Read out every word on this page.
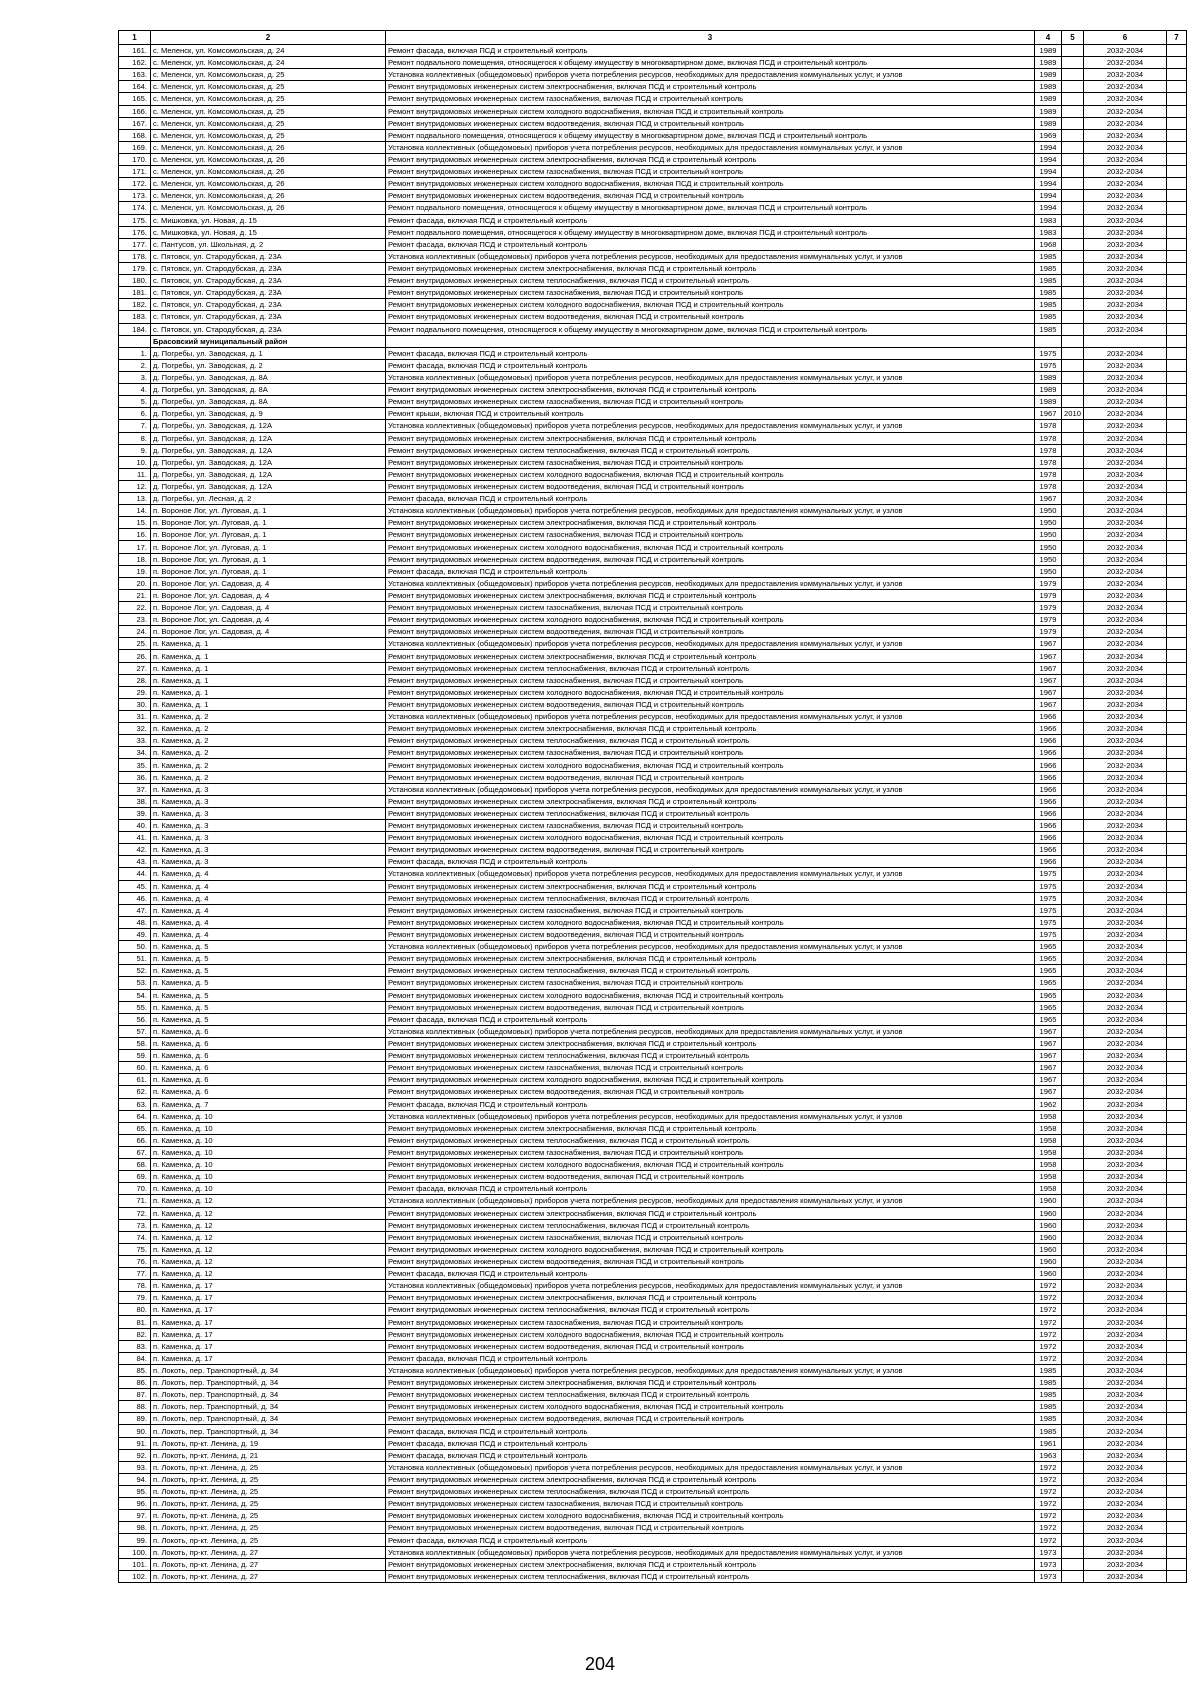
1	2	3	4	5	6	7
161.	с. Меленск, ул. Комсомольская, д. 24	Ремонт фасада, включая ПСД и строительный контроль	1989		2032-2034	
162.	с. Меленск, ул. Комсомольская, д. 24	Ремонт подвального помещения, относящегося к общему имуществу в многоквартирном доме, включая ПСД и строительный контроль	1989		2032-2034	
163.	с. Меленск, ул. Комсомольская, д. 25	Установка коллективных (общедомовых) приборов учета потребления ресурсов, необходимых для предоставления коммунальных услуг, и узлов	1989		2032-2034	
164.	с. Меленск, ул. Комсомольская, д. 25	Ремонт внутридомовых инженерных систем электроснабжения, включая ПСД и строительный контроль	1989		2032-2034	
165.	с. Меленск, ул. Комсомольская, д. 25	Ремонт внутридомовых инженерных систем газоснабжения, включая ПСД и строительный контроль	1989		2032-2034	
166.	с. Меленск, ул. Комсомольская, д. 25	Ремонт внутридомовых инженерных систем холодного водоснабжения, включая ПСД и строительный контроль	1989		2032-2034	
167.	с. Меленск, ул. Комсомольская, д. 25	Ремонт внутридомовых инженерных систем водоотведения, включая ПСД и строительный контроль	1989		2032-2034	
168.	с. Меленск, ул. Комсомольская, д. 25	Ремонт подвального помещения, относящегося к общему имуществу в многоквартирном доме, включая ПСД и строительный контроль	1969		2032-2034	
169.	с. Меленск, ул. Комсомольская, д. 26	Установка коллективных (общедомовых) приборов учета потребления ресурсов, необходимых для предоставления коммунальных услуг, и узлов	1994		2032-2034	
170.	с. Меленск, ул. Комсомольская, д. 26	Ремонт внутридомовых инженерных систем электроснабжения, включая ПСД и строительный контроль	1994		2032-2034	
171.	с. Меленск, ул. Комсомольская, д. 26	Ремонт внутридомовых инженерных систем газоснабжения, включая ПСД и строительный контроль	1994		2032-2034	
172.	с. Меленск, ул. Комсомольская, д. 26	Ремонт внутридомовых инженерных систем холодного водоснабжения, включая ПСД и строительный контроль	1994		2032-2034	
173.	с. Меленск, ул. Комсомольская, д. 26	Ремонт внутридомовых инженерных систем водоотведения, включая ПСД и строительный контроль	1994		2032-2034	
174.	с. Меленск, ул. Комсомольская, д. 26	Ремонт подвального помещения, относящегося к общему имуществу в многоквартирном доме, включая ПСД и строительный контроль	1994		2032-2034	
175.	с. Мишковка, ул. Новая, д. 15	Ремонт фасада, включая ПСД и строительный контроль	1983		2032-2034	
176.	с. Мишковка, ул. Новая, д. 15	Ремонт подвального помещения, относящегося к общему имуществу в многоквартирном доме, включая ПСД и строительный контроль	1983		2032-2034	
177.	с. Пантусов, ул. Школьная, д. 2	Ремонт фасада, включая ПСД и строительный контроль	1968		2032-2034	
178.	с. Пятовск, ул. Стародубская, д. 23А	Установка коллективных (общедомовых) приборов учета потребления ресурсов, необходимых для предоставления коммунальных услуг, и узлов	1985		2032-2034	
179.	с. Пятовск, ул. Стародубская, д. 23А	Ремонт внутридомовых инженерных систем электроснабжения, включая ПСД и строительный контроль	1985		2032-2034	
180.	с. Пятовск, ул. Стародубская, д. 23А	Ремонт внутридомовых инженерных систем теплоснабжения, включая ПСД и строительный контроль	1985		2032-2034	
181.	с. Пятовск, ул. Стародубская, д. 23А	Ремонт внутридомовых инженерных систем газоснабжения, включая ПСД и строительный контроль	1985		2032-2034	
182.	с. Пятовск, ул. Стародубская, д. 23А	Ремонт внутридомовых инженерных систем холодного водоснабжения, включая ПСД и строительный контроль	1985		2032-2034	
183.	с. Пятовск, ул. Стародубская, д. 23А	Ремонт внутридомовых инженерных систем водоотведения, включая ПСД и строительный контроль	1985		2032-2034	
184.	с. Пятовск, ул. Стародубская, д. 23А	Ремонт подвального помещения, относящегося к общему имуществу в многоквартирном доме, включая ПСД и строительный контроль	1985		2032-2034	
	Брасовский муниципальный район					
1.	д. Погребы, ул. Заводская, д. 1	Ремонт фасада, включая ПСД и строительный контроль	1975		2032-2034	
2.	д. Погребы, ул. Заводская, д. 2	Ремонт фасада, включая ПСД и строительный контроль	1975		2032-2034	
3.	д. Погребы, ул. Заводская, д. 8А	Установка коллективных (общедомовых) приборов учета потребления ресурсов, необходимых для предоставления коммунальных услуг, и узлов	1989		2032-2034	
4.	д. Погребы, ул. Заводская, д. 8А	Ремонт внутридомовых инженерных систем электроснабжения, включая ПСД и строительный контроль	1989		2032-2034	
5.	д. Погребы, ул. Заводская, д. 8А	Ремонт внутридомовых инженерных систем газоснабжения, включая ПСД и строительный контроль	1989		2032-2034	
6.	д. Погребы, ул. Заводская, д. 9	Ремонт крыши, включая ПСД и строительный контроль	1967	2010	2032-2034	
7.	д. Погребы, ул. Заводская, д. 12А	Установка коллективных (общедомовых) приборов учета потребления ресурсов, необходимых для предоставления коммунальных услуг, и узлов	1978		2032-2034	
8.	д. Погребы, ул. Заводская, д. 12А	Ремонт внутридомовых инженерных систем электроснабжения, включая ПСД и строительный контроль	1978		2032-2034	
9.	д. Погребы, ул. Заводская, д. 12А	Ремонт внутридомовых инженерных систем теплоснабжения, включая ПСД и строительный контроль	1978		2032-2034	
10.	д. Погребы, ул. Заводская, д. 12А	Ремонт внутридомовых инженерных систем газоснабжения, включая ПСД и строительный контроль	1978		2032-2034	
11.	д. Погребы, ул. Заводская, д. 12А	Ремонт внутридомовых инженерных систем холодного водоснабжения, включая ПСД и строительный контроль	1978		2032-2034	
12.	д. Погребы, ул. Заводская, д. 12А	Ремонт внутридомовых инженерных систем водоотведения, включая ПСД и строительный контроль	1978		2032-2034	
13.	д. Погребы, ул. Лесная, д. 2	Ремонт фасада, включая ПСД и строительный контроль	1967		2032-2034	
14.	п. Вороное Лог, ул. Луговая, д. 1	Установка коллективных (общедомовых) приборов учета потребления ресурсов, необходимых для предоставления коммунальных услуг, и узлов	1950		2032-2034	
15.	п. Вороное Лог, ул. Луговая, д. 1	Ремонт внутридомовых инженерных систем электроснабжения, включая ПСД и строительный контроль	1950		2032-2034	
16.	п. Вороное Лог, ул. Луговая, д. 1	Ремонт внутридомовых инженерных систем газоснабжения, включая ПСД и строительный контроль	1950		2032-2034	
17.	п. Вороное Лог, ул. Луговая, д. 1	Ремонт внутридомовых инженерных систем холодного водоснабжения, включая ПСД и строительный контроль	1950		2032-2034	
18.	п. Вороное Лог, ул. Луговая, д. 1	Ремонт внутридомовых инженерных систем водоотведения, включая ПСД и строительный контроль	1950		2032-2034	
19.	п. Вороное Лог, ул. Луговая, д. 1	Ремонт фасада, включая ПСД и строительный контроль	1950		2032-2034	
20.	п. Вороное Лог, ул. Садовая, д. 4	Установка коллективных (общедомовых) приборов учета потребления ресурсов, необходимых для предоставления коммунальных услуг, и узлов	1979		2032-2034	
21.	п. Вороное Лог, ул. Садовая, д. 4	Ремонт внутридомовых инженерных систем электроснабжения, включая ПСД и строительный контроль	1979		2032-2034	
22.	п. Вороное Лог, ул. Садовая, д. 4	Ремонт внутридомовых инженерных систем газоснабжения, включая ПСД и строительный контроль	1979		2032-2034	
23.	п. Вороное Лог, ул. Садовая, д. 4	Ремонт внутридомовых инженерных систем холодного водоснабжения, включая ПСД и строительный контроль	1979		2032-2034	
24.	п. Вороное Лог, ул. Садовая, д. 4	Ремонт внутридомовых инженерных систем водоотведения, включая ПСД и строительный контроль	1979		2032-2034	
25.	п. Каменка, д. 1	Установка коллективных (общедомовых) приборов учета потребления ресурсов, необходимых для предоставления коммунальных услуг, и узлов	1967		2032-2034	
26.	п. Каменка, д. 1	Ремонт внутридомовых инженерных систем электроснабжения, включая ПСД и строительный контроль	1967		2032-2034	
27.	п. Каменка, д. 1	Ремонт внутридомовых инженерных систем теплоснабжения, включая ПСД и строительный контроль	1967		2032-2034	
28.	п. Каменка, д. 1	Ремонт внутридомовых инженерных систем газоснабжения, включая ПСД и строительный контроль	1967		2032-2034	
29.	п. Каменка, д. 1	Ремонт внутридомовых инженерных систем холодного водоснабжения, включая ПСД и строительный контроль	1967		2032-2034	
30.	п. Каменка, д. 1	Ремонт внутридомовых инженерных систем водоотведения, включая ПСД и строительный контроль	1967		2032-2034	
31.	п. Каменка, д. 2	Установка коллективных (общедомовых) приборов учета потребления ресурсов, необходимых для предоставления коммунальных услуг, и узлов	1966		2032-2034	
32.	п. Каменка, д. 2	Ремонт внутридомовых инженерных систем электроснабжения, включая ПСД и строительный контроль	1966		2032-2034	
33.	п. Каменка, д. 2	Ремонт внутридомовых инженерных систем теплоснабжения, включая ПСД и строительный контроль	1966		2032-2034	
34.	п. Каменка, д. 2	Ремонт внутридомовых инженерных систем газоснабжения, включая ПСД и строительный контроль	1966		2032-2034	
35.	п. Каменка, д. 2	Ремонт внутридомовых инженерных систем холодного водоснабжения, включая ПСД и строительный контроль	1966		2032-2034	
36.	п. Каменка, д. 2	Ремонт внутридомовых инженерных систем водоотведения, включая ПСД и строительный контроль	1966		2032-2034	
37.	п. Каменка, д. 3	Установка коллективных (общедомовых) приборов учета потребления ресурсов, необходимых для предоставления коммунальных услуг, и узлов	1966		2032-2034	
38.	п. Каменка, д. 3	Ремонт внутридомовых инженерных систем электроснабжения, включая ПСД и строительный контроль	1966		2032-2034	
39.	п. Каменка, д. 3	Ремонт внутридомовых инженерных систем теплоснабжения, включая ПСД и строительный контроль	1966		2032-2034	
40.	п. Каменка, д. 3	Ремонт внутридомовых инженерных систем газоснабжения, включая ПСД и строительный контроль	1966		2032-2034	
41.	п. Каменка, д. 3	Ремонт внутридомовых инженерных систем холодного водоснабжения, включая ПСД и строительный контроль	1966		2032-2034	
42.	п. Каменка, д. 3	Ремонт внутридомовых инженерных систем водоотведения, включая ПСД и строительный контроль	1966		2032-2034	
43.	п. Каменка, д. 3	Ремонт фасада, включая ПСД и строительный контроль	1966		2032-2034	
44.	п. Каменка, д. 4	Установка коллективных (общедомовых) приборов учета потребления ресурсов, необходимых для предоставления коммунальных услуг, и узлов	1975		2032-2034	
45.	п. Каменка, д. 4	Ремонт внутридомовых инженерных систем электроснабжения, включая ПСД и строительный контроль	1975		2032-2034	
46.	п. Каменка, д. 4	Ремонт внутридомовых инженерных систем теплоснабжения, включая ПСД и строительный контроль	1975		2032-2034	
47.	п. Каменка, д. 4	Ремонт внутридомовых инженерных систем газоснабжения, включая ПСД и строительный контроль	1975		2032-2034	
48.	п. Каменка, д. 4	Ремонт внутридомовых инженерных систем холодного водоснабжения, включая ПСД и строительный контроль	1975		2032-2034	
49.	п. Каменка, д. 4	Ремонт внутридомовых инженерных систем водоотведения, включая ПСД и строительный контроль	1975		2032-2034	
50.	п. Каменка, д. 5	Установка коллективных (общедомовых) приборов учета потребления ресурсов, необходимых для предоставления коммунальных услуг, и узлов	1965		2032-2034	
51.	п. Каменка, д. 5	Ремонт внутридомовых инженерных систем электроснабжения, включая ПСД и строительный контроль	1965		2032-2034	
52.	п. Каменка, д. 5	Ремонт внутридомовых инженерных систем теплоснабжения, включая ПСД и строительный контроль	1965		2032-2034	
53.	п. Каменка, д. 5	Ремонт внутридомовых инженерных систем газоснабжения, включая ПСД и строительный контроль	1965		2032-2034	
54.	п. Каменка, д. 5	Ремонт внутридомовых инженерных систем холодного водоснабжения, включая ПСД и строительный контроль	1965		2032-2034	
55.	п. Каменка, д. 5	Ремонт внутридомовых инженерных систем водоотведения, включая ПСД и строительный контроль	1965		2032-2034	
56.	п. Каменка, д. 5	Ремонт фасада, включая ПСД и строительный контроль	1965		2032-2034	
57.	п. Каменка, д. 6	Установка коллективных (общедомовых) приборов учета потребления ресурсов, необходимых для предоставления коммунальных услуг, и узлов	1967		2032-2034	
58.	п. Каменка, д. 6	Ремонт внутридомовых инженерных систем электроснабжения, включая ПСД и строительный контроль	1967		2032-2034	
59.	п. Каменка, д. 6	Ремонт внутридомовых инженерных систем теплоснабжения, включая ПСД и строительный контроль	1967		2032-2034	
60.	п. Каменка, д. 6	Ремонт внутридомовых инженерных систем газоснабжения, включая ПСД и строительный контроль	1967		2032-2034	
61.	п. Каменка, д. 6	Ремонт внутридомовых инженерных систем холодного водоснабжения, включая ПСД и строительный контроль	1967		2032-2034	
62.	п. Каменка, д. 6	Ремонт внутридомовых инженерных систем водоотведения, включая ПСД и строительный контроль	1967		2032-2034	
63.	п. Каменка, д. 7	Ремонт фасада, включая ПСД и строительный контроль	1962		2032-2034	
64.	п. Каменка, д. 10	Установка коллективных (общедомовых) приборов учета потребления ресурсов, необходимых для предоставления коммунальных услуг, и узлов	1958		2032-2034	
65.	п. Каменка, д. 10	Ремонт внутридомовых инженерных систем электроснабжения, включая ПСД и строительный контроль	1958		2032-2034	
66.	п. Каменка, д. 10	Ремонт внутридомовых инженерных систем теплоснабжения, включая ПСД и строительный контроль	1958		2032-2034	
67.	п. Каменка, д. 10	Ремонт внутридомовых инженерных систем газоснабжения, включая ПСД и строительный контроль	1958		2032-2034	
68.	п. Каменка, д. 10	Ремонт внутридомовых инженерных систем холодного водоснабжения, включая ПСД и строительный контроль	1958		2032-2034	
69.	п. Каменка, д. 10	Ремонт внутридомовых инженерных систем водоотведения, включая ПСД и строительный контроль	1958		2032-2034	
70.	п. Каменка, д. 10	Ремонт фасада, включая ПСД и строительный контроль	1958		2032-2034	
71.	п. Каменка, д. 12	Установка коллективных (общедомовых) приборов учета потребления ресурсов, необходимых для предоставления коммунальных услуг, и узлов	1960		2032-2034	
72.	п. Каменка, д. 12	Ремонт внутридомовых инженерных систем электроснабжения, включая ПСД и строительный контроль	1960		2032-2034	
73.	п. Каменка, д. 12	Ремонт внутридомовых инженерных систем теплоснабжения, включая ПСД и строительный контроль	1960		2032-2034	
74.	п. Каменка, д. 12	Ремонт внутридомовых инженерных систем газоснабжения, включая ПСД и строительный контроль	1960		2032-2034	
75.	п. Каменка, д. 12	Ремонт внутридомовых инженерных систем холодного водоснабжения, включая ПСД и строительный контроль	1960		2032-2034	
76.	п. Каменка, д. 12	Ремонт внутридомовых инженерных систем водоотведения, включая ПСД и строительный контроль	1960		2032-2034	
77.	п. Каменка, д. 12	Ремонт фасада, включая ПСД и строительный контроль	1960		2032-2034	
78.	п. Каменка, д. 17	Установка коллективных (общедомовых) приборов учета потребления ресурсов, необходимых для предоставления коммунальных услуг, и узлов	1972		2032-2034	
79.	п. Каменка, д. 17	Ремонт внутридомовых инженерных систем электроснабжения, включая ПСД и строительный контроль	1972		2032-2034	
80.	п. Каменка, д. 17	Ремонт внутридомовых инженерных систем теплоснабжения, включая ПСД и строительный контроль	1972		2032-2034	
81.	п. Каменка, д. 17	Ремонт внутридомовых инженерных систем газоснабжения, включая ПСД и строительный контроль	1972		2032-2034	
82.	п. Каменка, д. 17	Ремонт внутридомовых инженерных систем холодного водоснабжения, включая ПСД и строительный контроль	1972		2032-2034	
83.	п. Каменка, д. 17	Ремонт внутридомовых инженерных систем водоотведения, включая ПСД и строительный контроль	1972		2032-2034	
84.	п. Каменка, д. 17	Ремонт фасада, включая ПСД и строительный контроль	1972		2032-2034	
85.	п. Локоть, пер. Транспортный, д. 34	Установка коллективных (общедомовых) приборов учета потребления ресурсов, необходимых для предоставления коммунальных услуг, и узлов	1985		2032-2034	
86.	п. Локоть, пер. Транспортный, д. 34	Ремонт внутридомовых инженерных систем электроснабжения, включая ПСД и строительный контроль	1985		2032-2034	
87.	п. Локоть, пер. Транспортный, д. 34	Ремонт внутридомовых инженерных систем теплоснабжения, включая ПСД и строительный контроль	1985		2032-2034	
88.	п. Локоть, пер. Транспортный, д. 34	Ремонт внутридомовых инженерных систем холодного водоснабжения, включая ПСД и строительный контроль	1985		2032-2034	
89.	п. Локоть, пер. Транспортный, д. 34	Ремонт внутридомовых инженерных систем водоотведения, включая ПСД и строительный контроль	1985		2032-2034	
90.	п. Локоть, пер. Транспортный, д. 34	Ремонт фасада, включая ПСД и строительный контроль	1985		2032-2034	
91.	п. Локоть, пр-кт. Ленина, д. 19	Ремонт фасада, включая ПСД и строительный контроль	1961		2032-2034	
92.	п. Локоть, пр-кт. Ленина, д. 21	Ремонт фасада, включая ПСД и строительный контроль	1963		2032-2034	
93.	п. Локоть, пр-кт. Ленина, д. 25	Установка коллективных (общедомовых) приборов учета потребления ресурсов, необходимых для предоставления коммунальных услуг, и узлов	1972		2032-2034	
94.	п. Локоть, пр-кт. Ленина, д. 25	Ремонт внутридомовых инженерных систем электроснабжения, включая ПСД и строительный контроль	1972		2032-2034	
95.	п. Локоть, пр-кт. Ленина, д. 25	Ремонт внутридомовых инженерных систем теплоснабжения, включая ПСД и строительный контроль	1972		2032-2034	
96.	п. Локоть, пр-кт. Ленина, д. 25	Ремонт внутридомовых инженерных систем газоснабжения, включая ПСД и строительный контроль	1972		2032-2034	
97.	п. Локоть, пр-кт. Ленина, д. 25	Ремонт внутридомовых инженерных систем холодного водоснабжения, включая ПСД и строительный контроль	1972		2032-2034	
98.	п. Локоть, пр-кт. Ленина, д. 25	Ремонт внутридомовых инженерных систем водоотведения, включая ПСД и строительный контроль	1972		2032-2034	
99.	п. Локоть, пр-кт. Ленина, д. 25	Ремонт фасада, включая ПСД и строительный контроль	1972		2032-2034	
100.	п. Локоть, пр-кт. Ленина, д. 27	Установка коллективных (общедомовых) приборов учета потребления ресурсов, необходимых для предоставления коммунальных услуг, и узлов	1973		2032-2034	
101.	п. Локоть, пр-кт. Ленина, д. 27	Ремонт внутридомовых инженерных систем электроснабжения, включая ПСД и строительный контроль	1973		2032-2034	
102.	п. Локоть, пр-кт. Ленина, д. 27	Ремонт внутридомовых инженерных систем теплоснабжения, включая ПСД и строительный контроль	1973		2032-2034	
204
